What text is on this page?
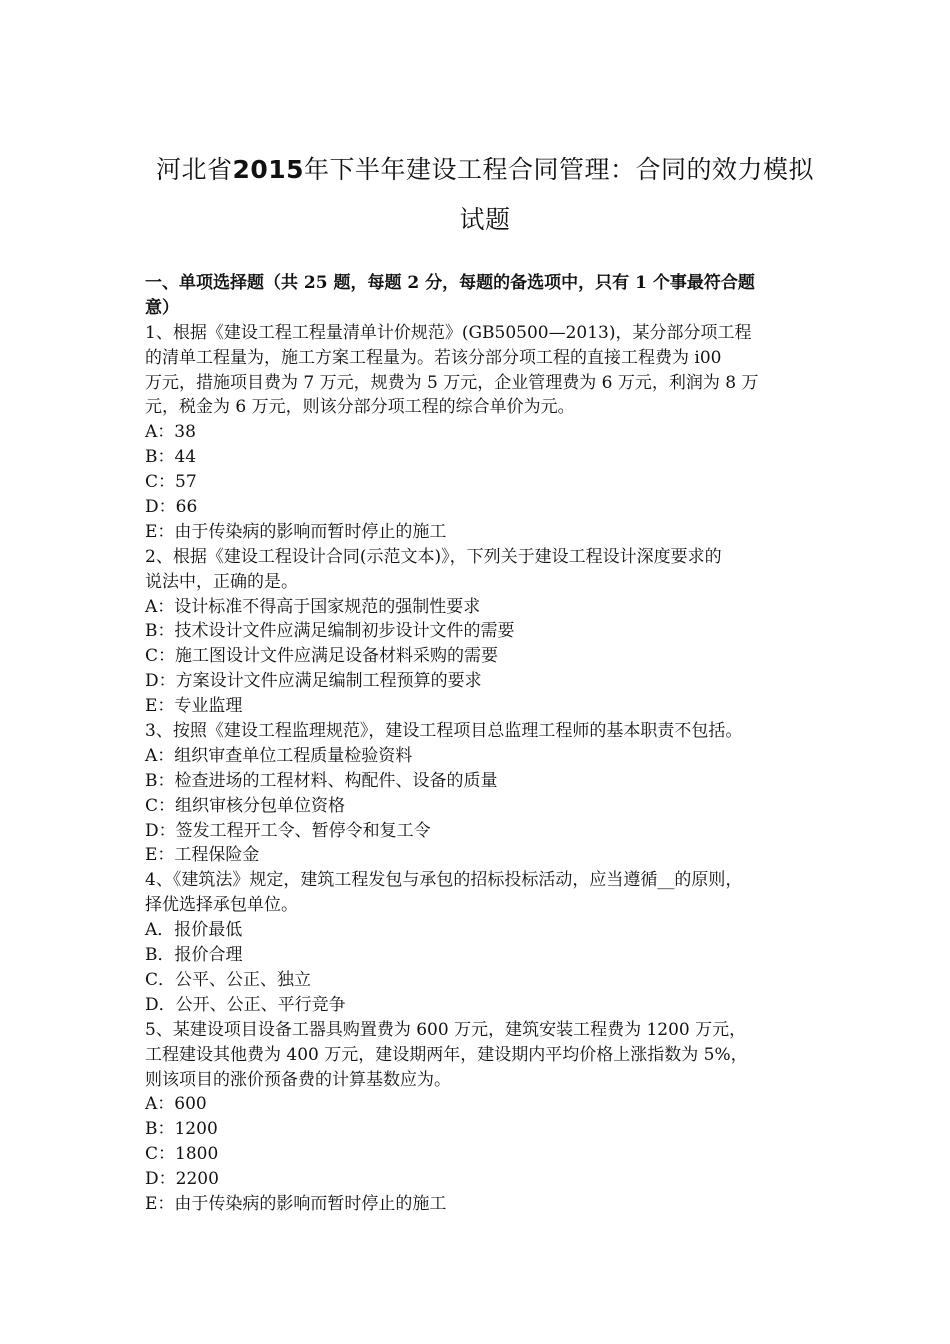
河北省2015年下半年建设工程合同管理：合同的效力模拟
试题
一、单项选择题（共 25 题，每题 2 分，每题的备选项中，只有 1 个事最符合题
意）
1、根据《建设工程工程量清单计价规范》(GB50500—2013)，某分部分项工程
的清单工程量为，施工方案工程量为。若该分部分项工程的直接工程费为 i00
万元，措施项目费为 7 万元，规费为 5 万元，企业管理费为 6 万元，利润为 8 万
元，税金为 6 万元，则该分部分项工程的综合单价为元。
A：38
B：44
C：57
D：66
E：由于传染病的影响而暂时停止的施工
2、根据《建设工程设计合同(示范文本)》，下列关于建设工程设计深度要求的
说法中，正确的是。
A：设计标准不得高于国家规范的强制性要求
B：技术设计文件应满足编制初步设计文件的需要
C：施工图设计文件应满足设备材料采购的需要
D：方案设计文件应满足编制工程预算的要求
E：专业监理
3、按照《建设工程监理规范》，建设工程项目总监理工程师的基本职责不包括。
A：组织审查单位工程质量检验资料
B：检查进场的工程材料、构配件、设备的质量
C：组织审核分包单位资格
D：签发工程开工令、暂停令和复工令
E：工程保险金
4、《建筑法》规定，建筑工程发包与承包的招标投标活动，应当遵循__的原则，
择优选择承包单位。
A．报价最低
B．报价合理
C．公平、公正、独立
D．公开、公正、平行竞争
5、某建设项目设备工器具购置费为 600 万元，建筑安装工程费为 1200 万元，
工程建设其他费为 400 万元，建设期两年，建设期内平均价格上涨指数为 5%，
则该项目的涨价预备费的计算基数应为。
A：600
B：1200
C：1800
D：2200
E：由于传染病的影响而暂时停止的施工
